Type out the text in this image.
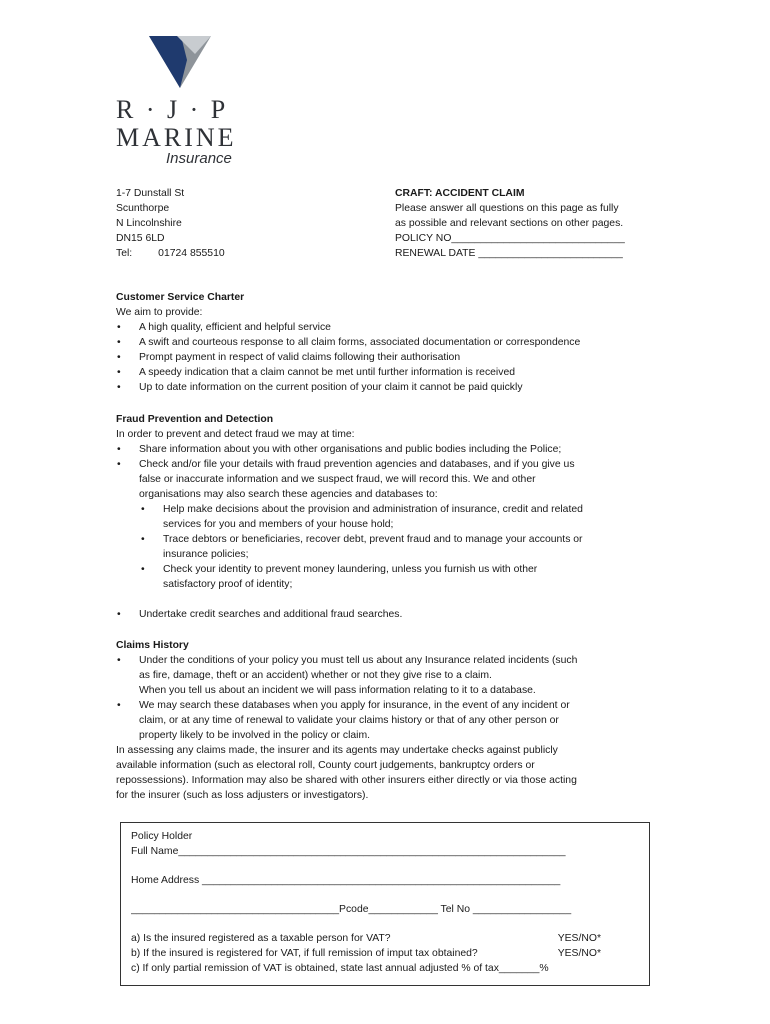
R · J · P
MARINE
Insurance
1-7 Dunstall St
Scunthorpe
N Lincolnshire
DN15 6LD
Tel:	01724 855510
CRAFT: ACCIDENT CLAIM
Please answer all questions on this page as fully
as possible and relevant sections on other pages.
POLICY NO______________________________
RENEWAL DATE _________________________
Customer Service Charter
We aim to provide:
• A high quality, efficient and helpful service
• A swift and courteous response to all claim forms, associated documentation or correspondence
• Prompt payment in respect of valid claims following their authorisation
• A speedy indication that a claim cannot be met until further information is received
• Up to date information on the current position of your claim it cannot be paid quickly
Fraud Prevention and Detection
In order to prevent and detect fraud we may at time:
• Share information about you with other organisations and public bodies including the Police;
• Check and/or file your details with fraud prevention agencies and databases, and if you give us
false or inaccurate information and we suspect fraud, we will record this. We and other
organisations may also search these agencies and databases to:
• Help make decisions about the provision and administration of insurance, credit and related
services for you and members of your house hold;
• Trace debtors or beneficiaries, recover debt, prevent fraud and to manage your accounts or
insurance policies;
• Check your identity to prevent money laundering, unless you furnish us with other
satisfactory proof of identity;
• Undertake credit searches and additional fraud searches.
Claims History
• Under the conditions of your policy you must tell us about any Insurance related incidents (such
as fire, damage, theft or an accident) whether or not they give rise to a claim.
When you tell us about an incident we will pass information relating to it to a database.
• We may search these databases when you apply for insurance, in the event of any incident or
claim, or at any time of renewal to validate your claims history or that of any other person or
property likely to be involved in the policy or claim.

In assessing any claims made, the insurer and its agents may undertake checks against publicly
available information (such as electoral roll, County court judgements, bankruptcy orders or
repossessions). Information may also be shared with other insurers either directly or via those acting
for the insurer (such as loss adjusters or investigators).

Policy Holder
Full Name___________________________________________________________________
Home Address ______________________________________________________________
____________________________________Pcode____________ Tel No _________________
a) Is the insured registered as a taxable person for VAT?	YES/NO*
b) If the insured is registered for VAT, if full remission of imput tax obtained?	YES/NO*
c) If only partial remission of VAT is obtained, state last annual adjusted % of tax_______%
